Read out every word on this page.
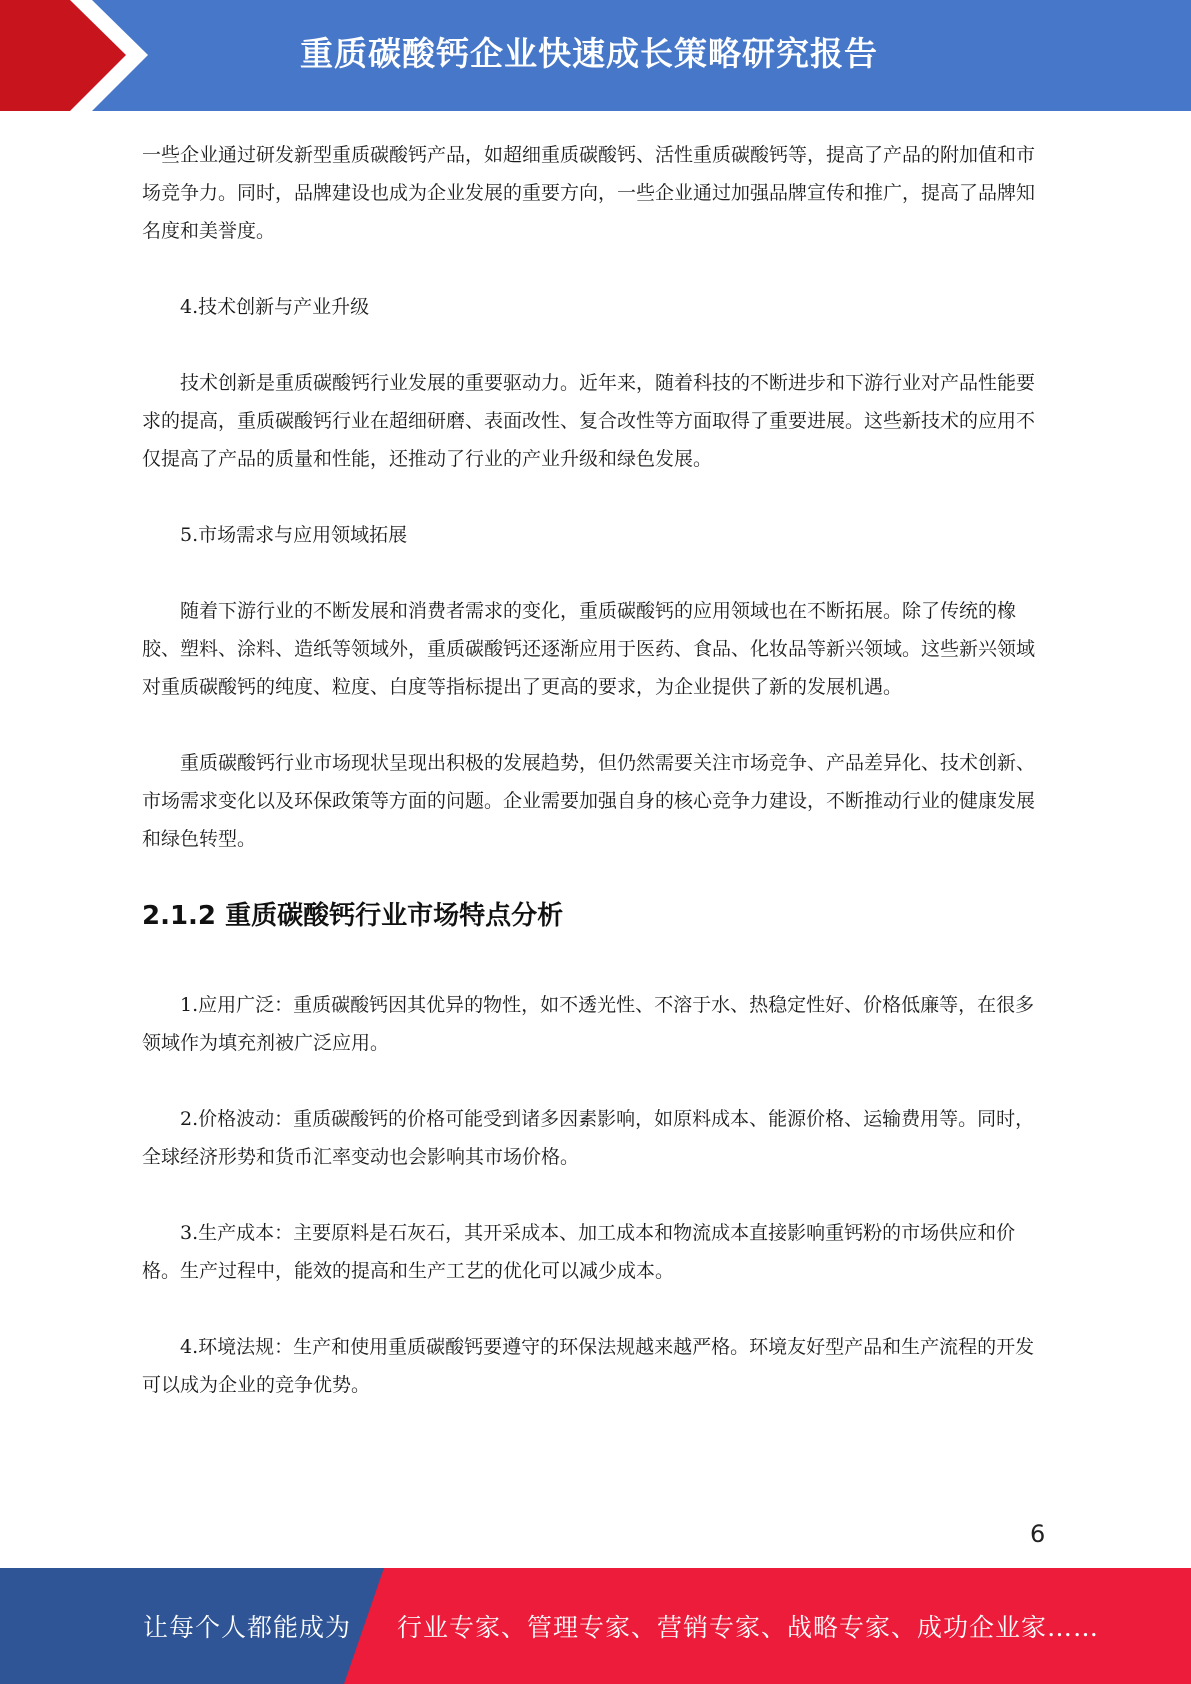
重质碳酸钙企业快速成长策略研究报告

一些企业通过研发新型重质碳酸钙产品，如超细重质碳酸钙、活性重质碳酸钙等，提高了产品的附加值和市场竞争力。同时，品牌建设也成为企业发展的重要方向，一些企业通过加强品牌宣传和推广，提高了品牌知名度和美誉度。

4.技术创新与产业升级

技术创新是重质碳酸钙行业发展的重要驱动力。近年来，随着科技的不断进步和下游行业对产品性能要求的提高，重质碳酸钙行业在超细研磨、表面改性、复合改性等方面取得了重要进展。这些新技术的应用不仅提高了产品的质量和性能，还推动了行业的产业升级和绿色发展。

5.市场需求与应用领域拓展

随着下游行业的不断发展和消费者需求的变化，重质碳酸钙的应用领域也在不断拓展。除了传统的橡胶、塑料、涂料、造纸等领域外，重质碳酸钙还逐渐应用于医药、食品、化妆品等新兴领域。这些新兴领域对重质碳酸钙的纯度、粒度、白度等指标提出了更高的要求，为企业提供了新的发展机遇。

重质碳酸钙行业市场现状呈现出积极的发展趋势，但仍然需要关注市场竞争、产品差异化、技术创新、市场需求变化以及环保政策等方面的问题。企业需要加强自身的核心竞争力建设，不断推动行业的健康发展和绿色转型。

2.1.2 重质碳酸钙行业市场特点分析

1.应用广泛：重质碳酸钙因其优异的物性，如不透光性、不溶于水、热稳定性好、价格低廉等，在很多领域作为填充剂被广泛应用。

2.价格波动：重质碳酸钙的价格可能受到诸多因素影响，如原料成本、能源价格、运输费用等。同时，全球经济形势和货币汇率变动也会影响其市场价格。

3.生产成本：主要原料是石灰石，其开采成本、加工成本和物流成本直接影响重钙粉的市场供应和价格。生产过程中，能效的提高和生产工艺的优化可以减少成本。

4.环境法规：生产和使用重质碳酸钙要遵守的环保法规越来越严格。环境友好型产品和生产流程的开发可以成为企业的竞争优势。

6
让每个人都能成为 行业专家、管理专家、营销专家、战略专家、成功企业家……
